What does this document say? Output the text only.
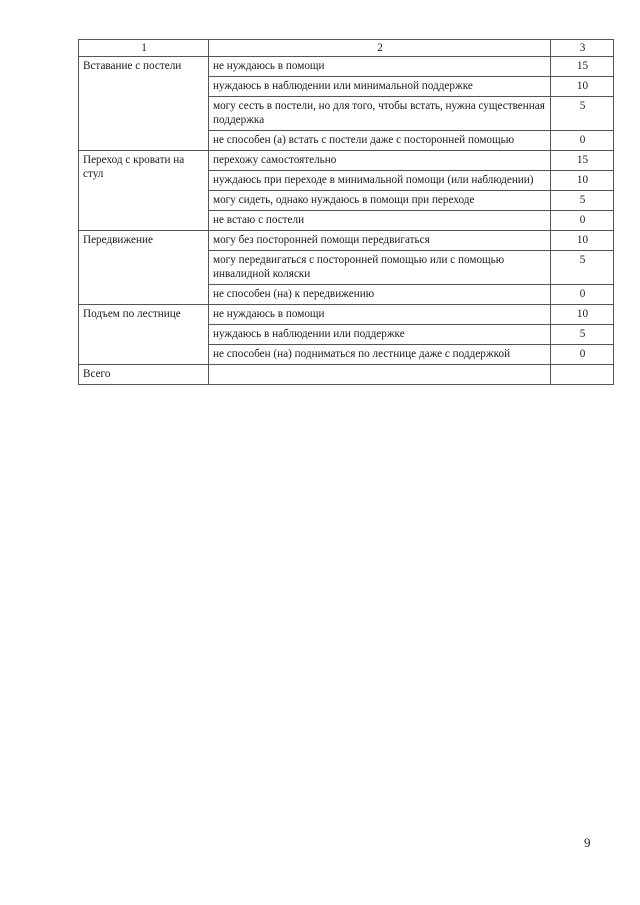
1	2	3
Вставание с постели	не нуждаюсь в помощи	15
	нуждаюсь в наблюдении или минимальной поддержке	10
	могу сесть в постели, но для того, чтобы встать, нужна существенная поддержка	5
	не способен (а) встать с постели даже с посторонней помощью	0
Переход с кровати на стул	перехожу самостоятельно	15
	нуждаюсь при переходе в минимальной помощи (или наблюдении)	10
	могу сидеть, однако нуждаюсь в помощи при переходе	5
	не встаю с постели	0
Передвижение	могу без посторонней помощи передвигаться	10
	могу передвигаться с посторонней помощью или с помощью инвалидной коляски	5
	не способен (на) к передвижению	0
Подъем по лестнице	не нуждаюсь в помощи	10
	нуждаюсь в наблюдении или поддержке	5
	не способен (на) подниматься по лестнице даже с поддержкой	0
Всего		
9
